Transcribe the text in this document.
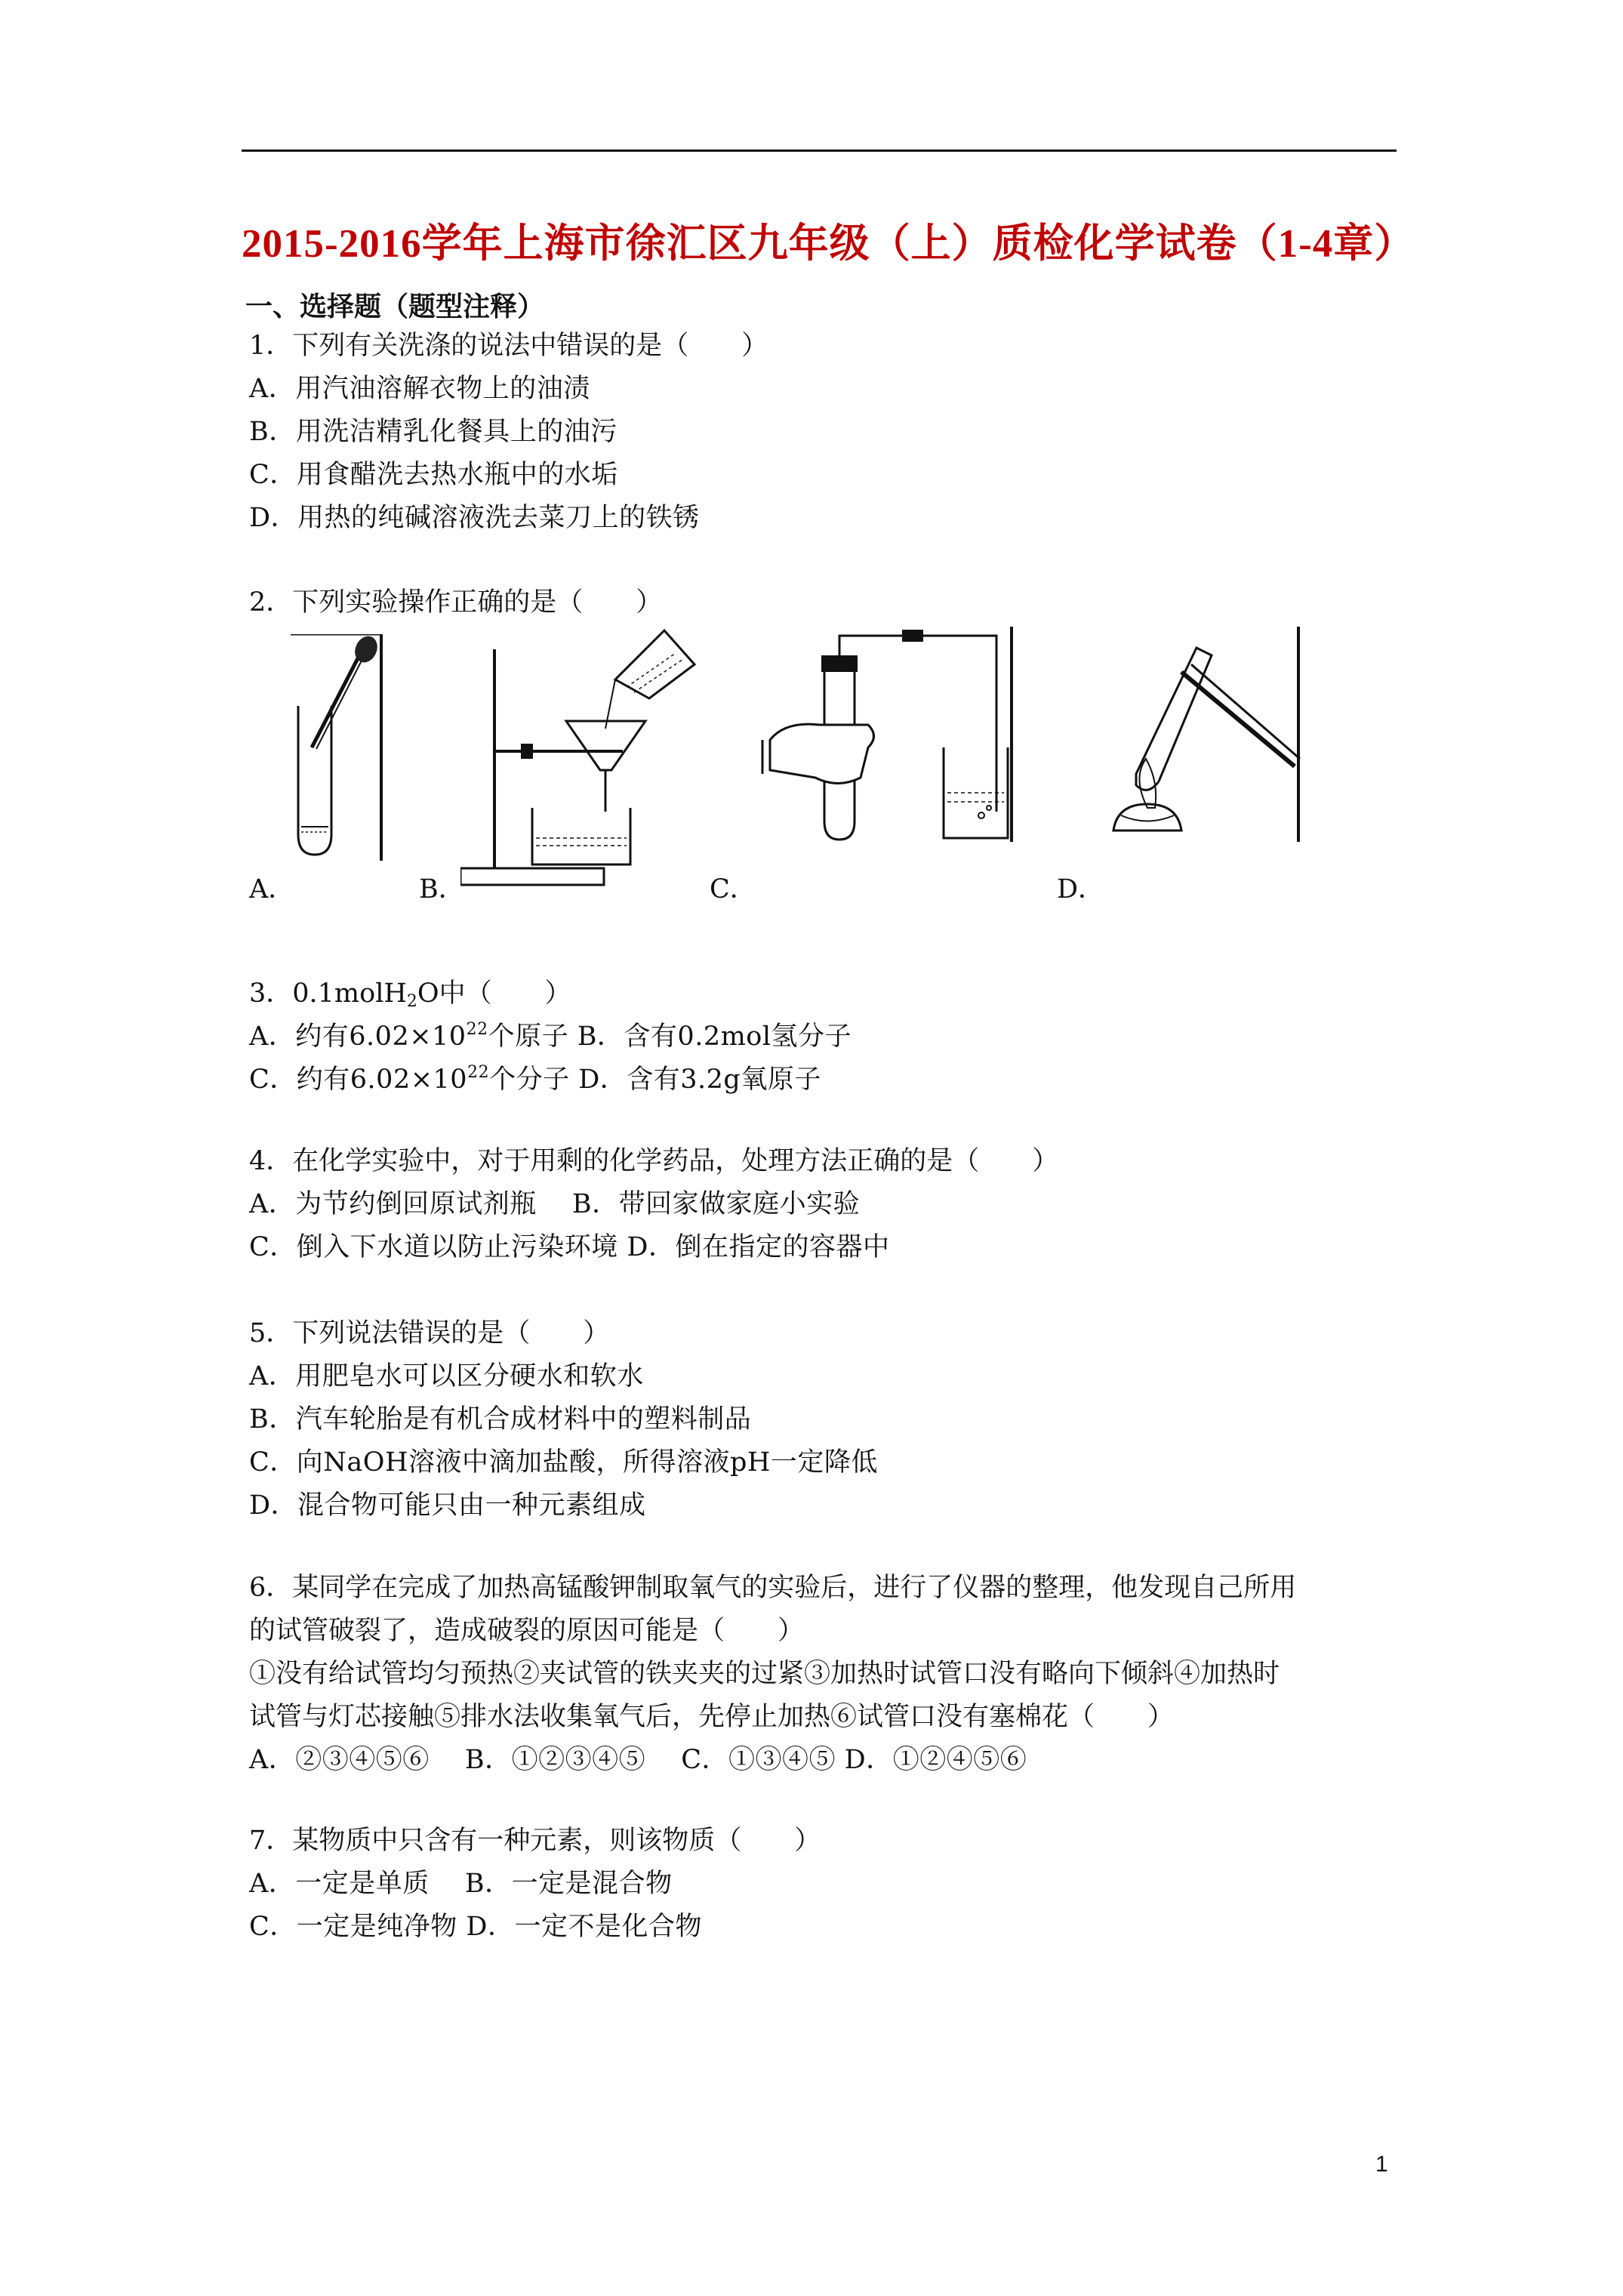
2015-2016学年上海市徐汇区九年级（上）质检化学试卷（1-4章）
一、选择题（题型注释）
1．下列有关洗涤的说法中错误的是（　　）
A．用汽油溶解衣物上的油渍
B．用洗洁精乳化餐具上的油污
C．用食醋洗去热水瓶中的水垢
D．用热的纯碱溶液洗去菜刀上的铁锈
2．下列实验操作正确的是（　　）
A．	B．	C．	D．
3．0.1molH$_2$O中（　　）
A．约有$6.02\times 10^{22}$个原子 B．含有0.2mol氢分子
C．约有$6.02\times 10^{22}$个分子 D．含有3.2g氧原子
4．在化学实验中，对于用剩的化学药品，处理方法正确的是（　　）
A．为节约倒回原试剂瓶　 B．带回家做家庭小实验
C．倒入下水道以防止污染环境 D．倒在指定的容器中
5．下列说法错误的是（　　）
A．用肥皂水可以区分硬水和软水
B．汽车轮胎是有机合成材料中的塑料制品
C．向NaOH溶液中滴加盐酸，所得溶液pH一定降低
D．混合物可能只由一种元素组成
6．某同学在完成了加热高锰酸钾制取氧气的实验后，进行了仪器的整理，他发现自己所用
的试管破裂了，造成破裂的原因可能是（　　）
①没有给试管均匀预热②夹试管的铁夹夹的过紧③加热时试管口没有略向下倾斜④加热时
试管与灯芯接触⑤排水法收集氧气后，先停止加热⑥试管口没有塞棉花（　　）
A．②③④⑤⑥　 B．①②③④⑤　 C．①③④⑤ D．①②④⑤⑥
7．某物质中只含有一种元素，则该物质（　　）
A．一定是单质　 B．一定是混合物
C．一定是纯净物 D．一定不是化合物
1
